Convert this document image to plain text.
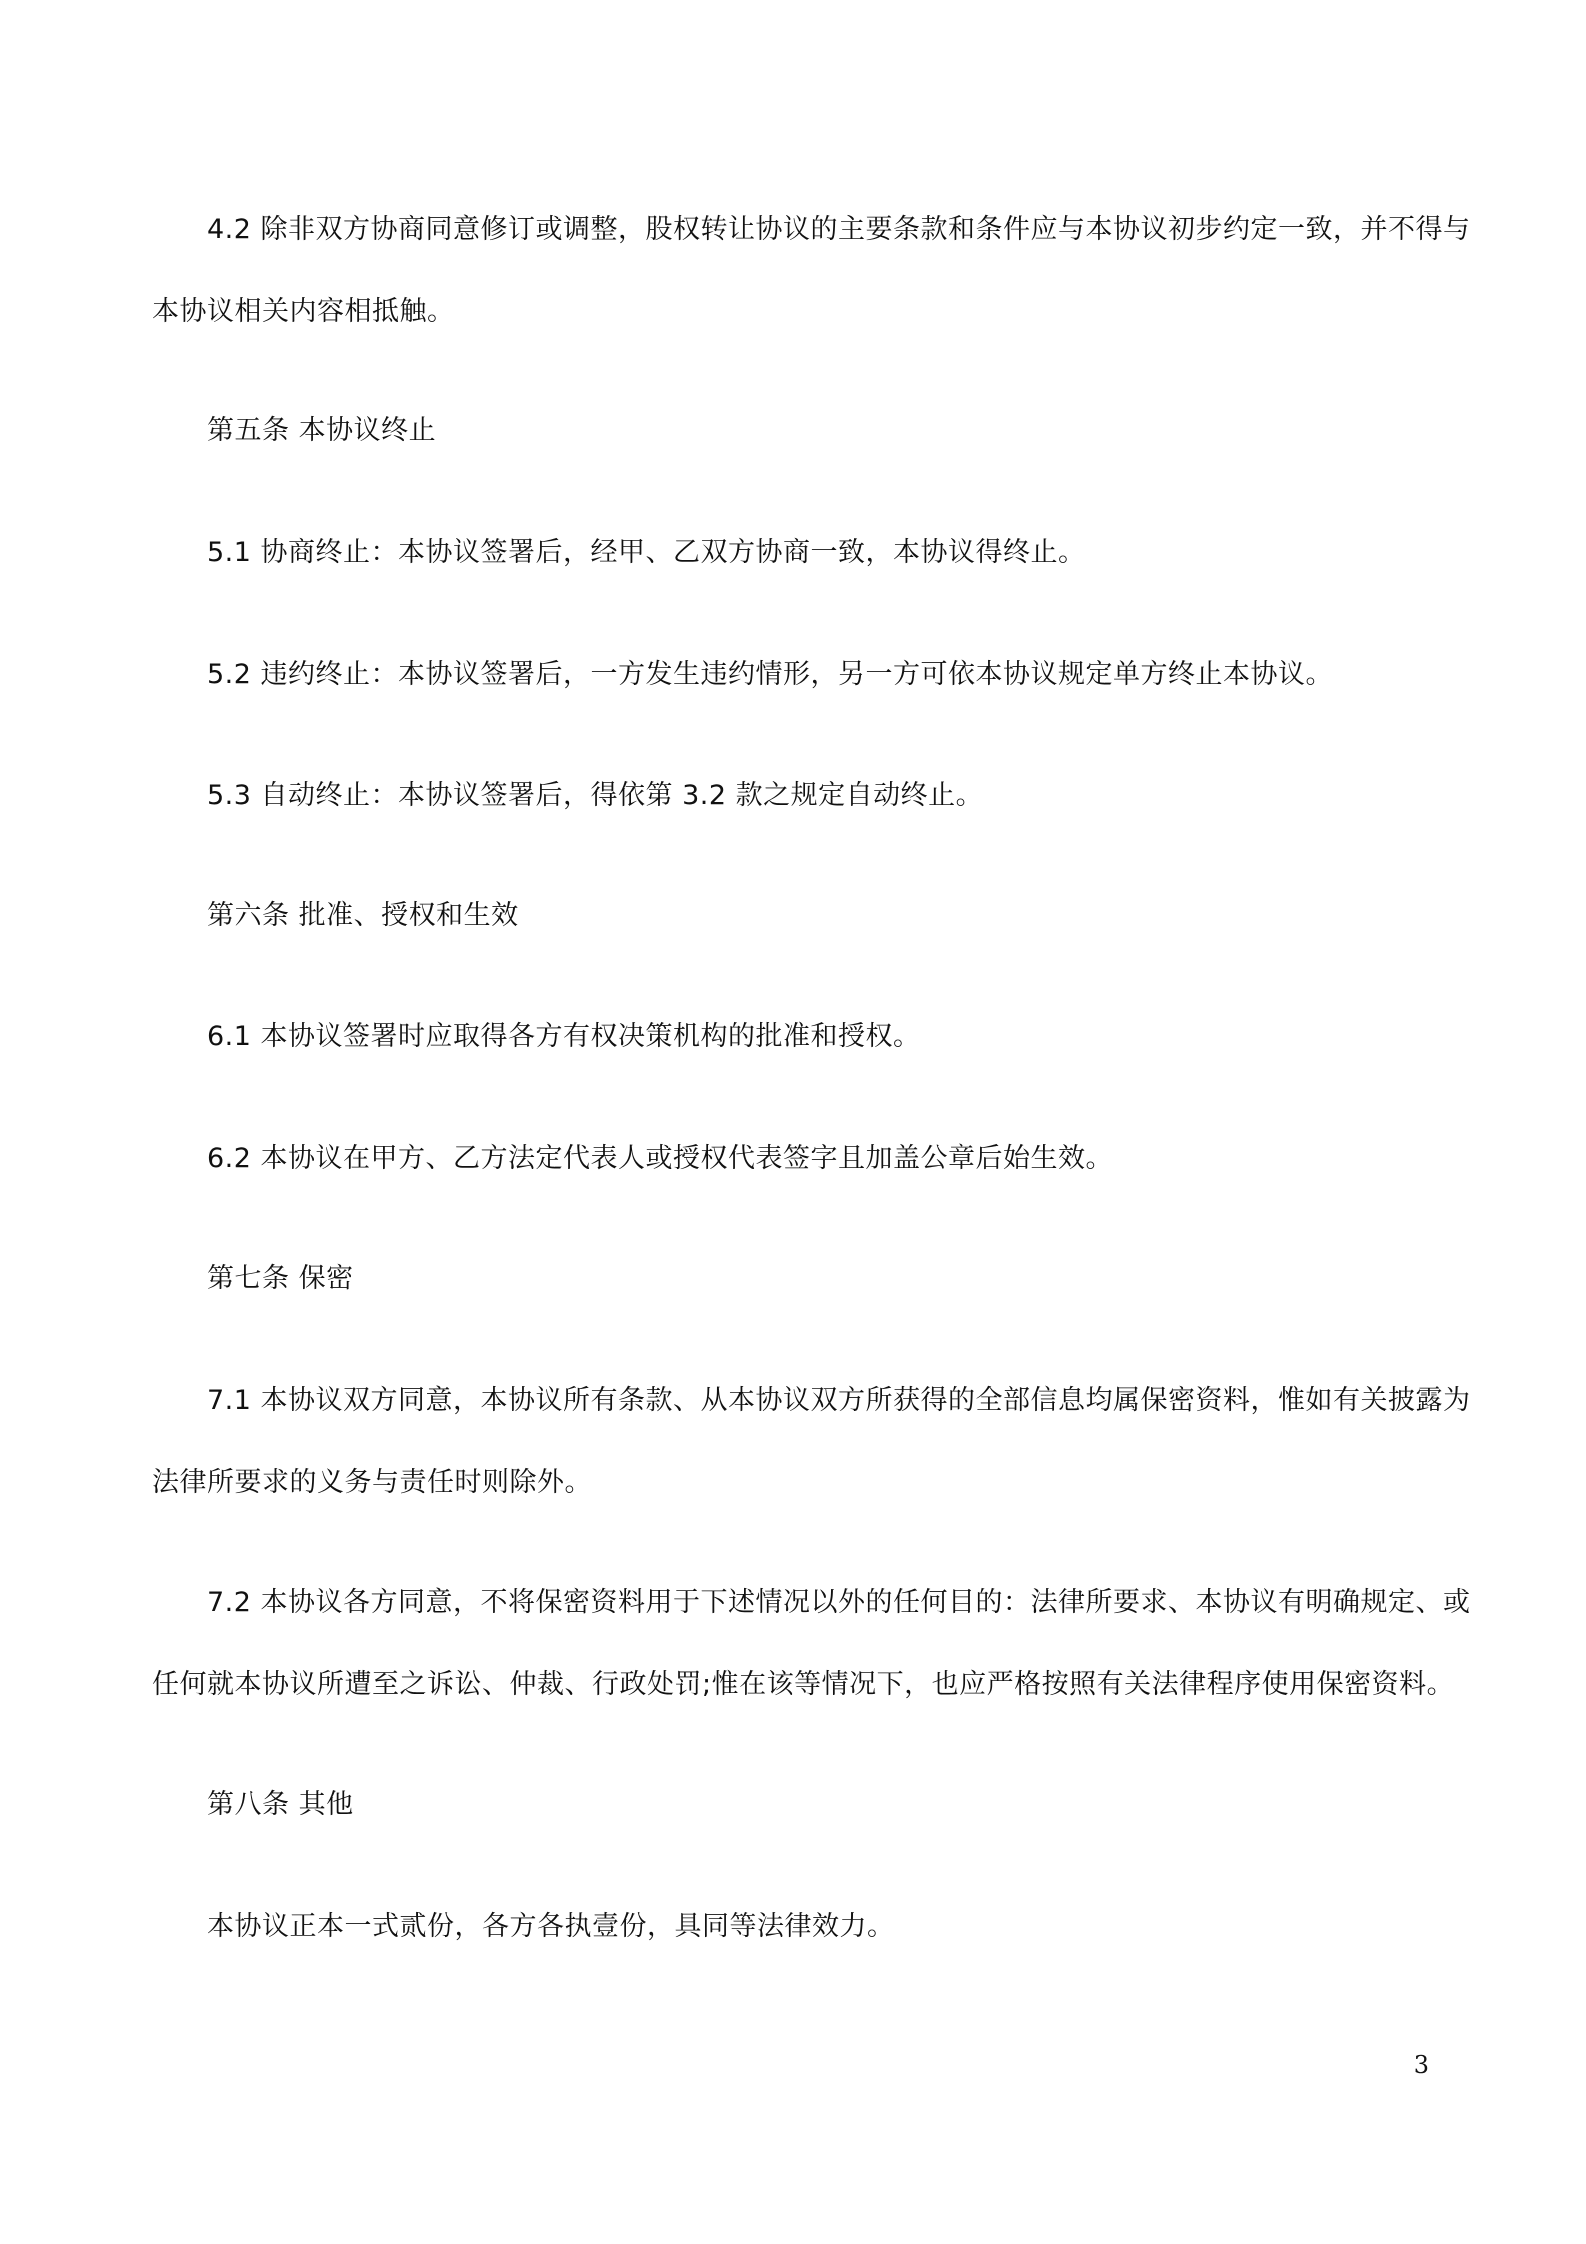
4.2 除非双方协商同意修订或调整，股权转让协议的主要条款和条件应与本协议初步约定一致，并不得与
本协议相关内容相抵触。
第五条 本协议终止
5.1 协商终止：本协议签署后，经甲、乙双方协商一致，本协议得终止。
5.2 违约终止：本协议签署后，一方发生违约情形，另一方可依本协议规定单方终止本协议。
5.3 自动终止：本协议签署后，得依第 3.2 款之规定自动终止。
第六条 批准、授权和生效
6.1 本协议签署时应取得各方有权决策机构的批准和授权。
6.2 本协议在甲方、乙方法定代表人或授权代表签字且加盖公章后始生效。
第七条 保密
7.1 本协议双方同意，本协议所有条款、从本协议双方所获得的全部信息均属保密资料，惟如有关披露为
法律所要求的义务与责任时则除外。
7.2 本协议各方同意，不将保密资料用于下述情况以外的任何目的：法律所要求、本协议有明确规定、或
任何就本协议所遭至之诉讼、仲裁、行政处罚;惟在该等情况下，也应严格按照有关法律程序使用保密资料。
第八条 其他
本协议正本一式贰份，各方各执壹份，具同等法律效力。
3
